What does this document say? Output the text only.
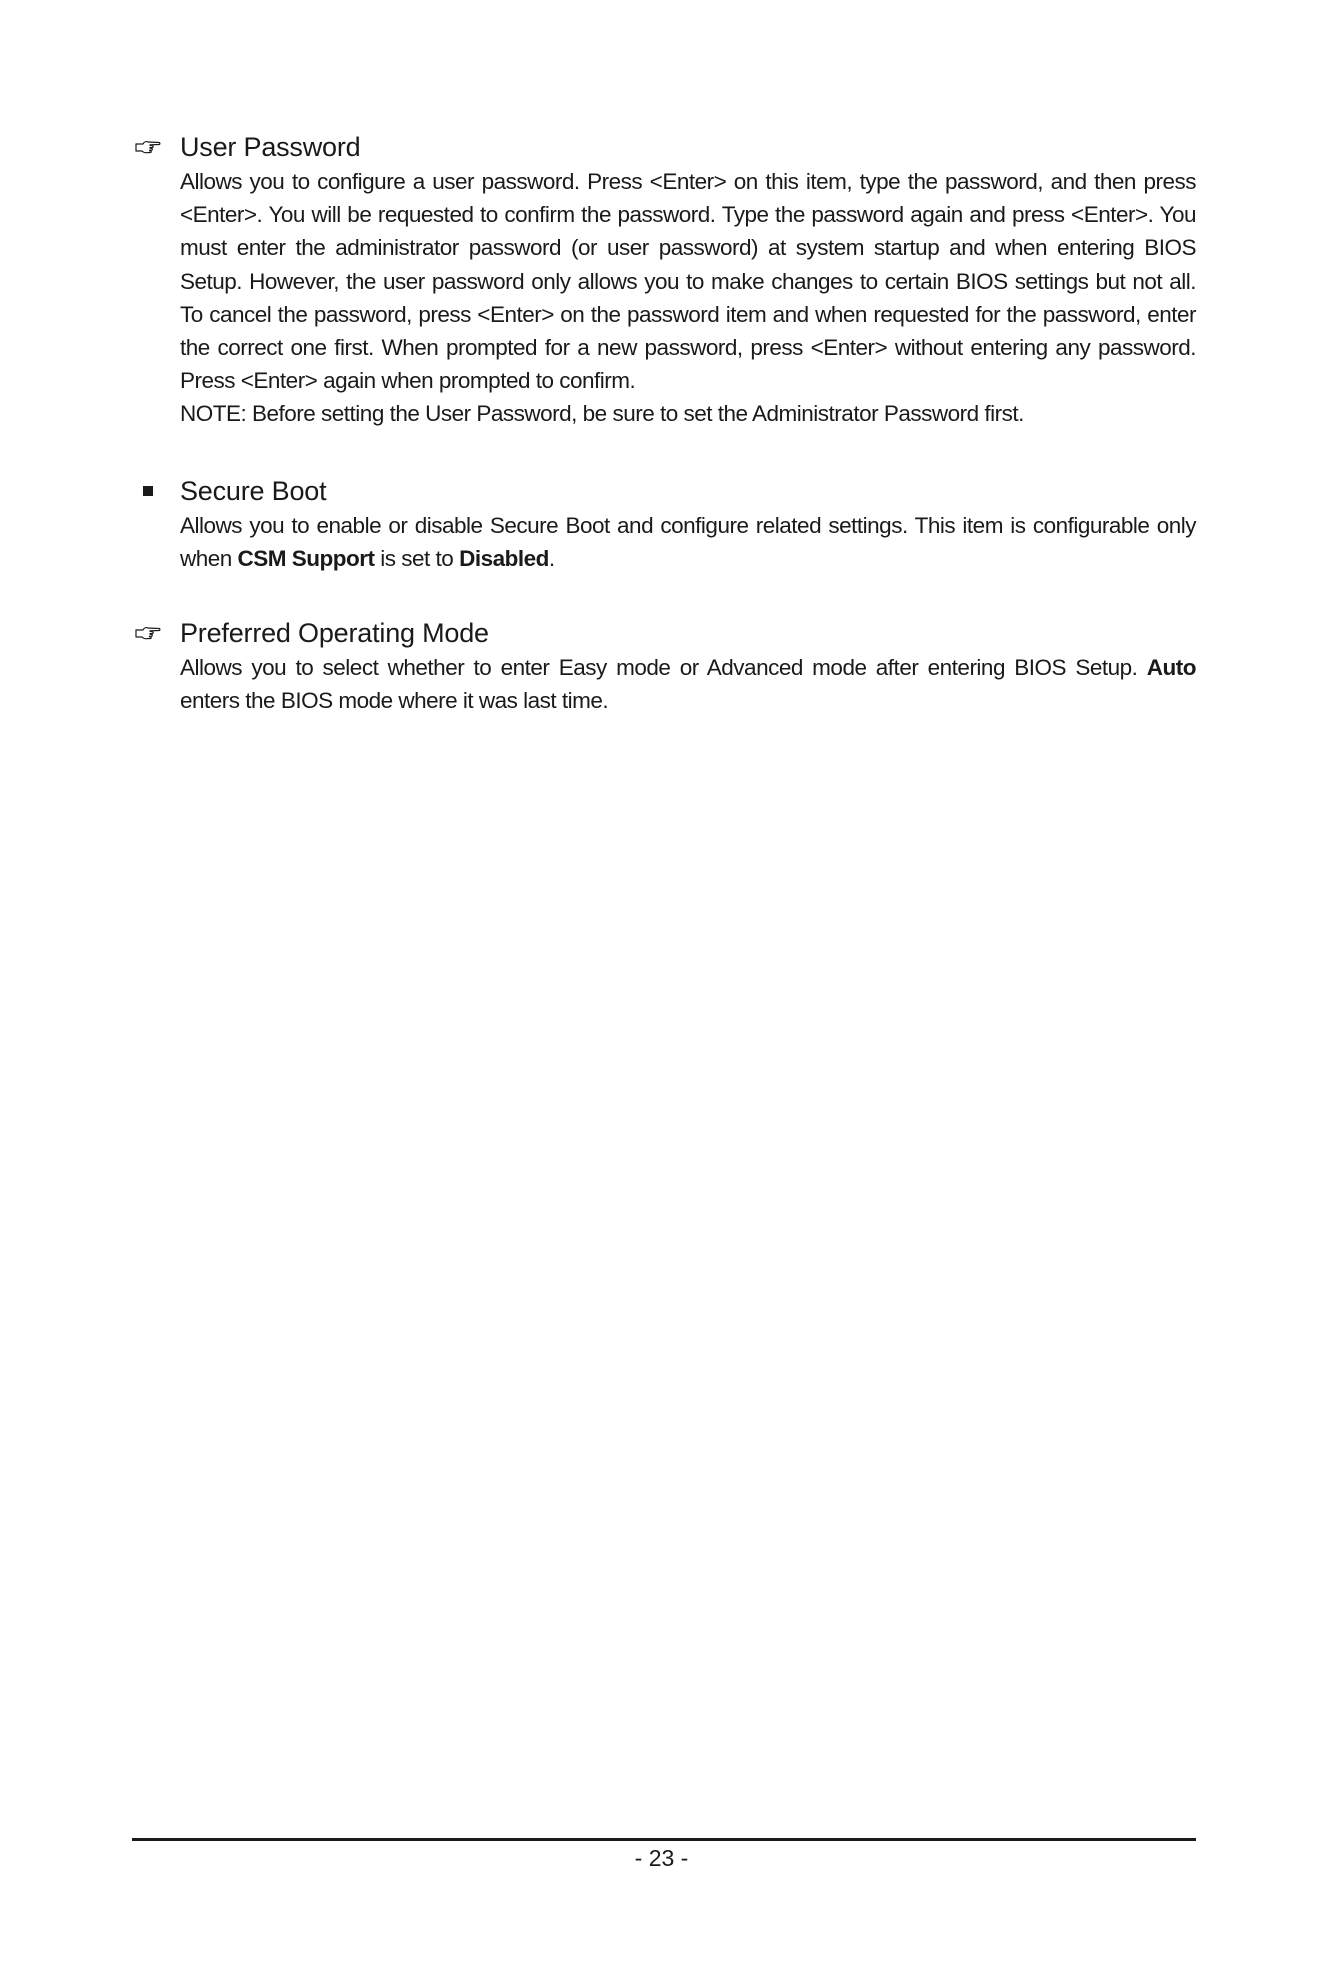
User Password

Allows you to configure a user password. Press <Enter> on this item, type the password, and then press <Enter>. You will be requested to confirm the password. Type the password again and press <Enter>. You must enter the administrator password (or user password) at system startup and when entering BIOS Setup. However, the user password only allows you to make changes to certain BIOS settings but not all. To cancel the password, press <Enter> on the password item and when requested for the password, enter the correct one first. When prompted for a new password, press <Enter> without entering any password. Press <Enter> again when prompted to confirm.

NOTE: Before setting the User Password, be sure to set the Administrator Password first.

Secure Boot

Allows you to enable or disable Secure Boot and configure related settings. This item is configurable only when CSM Support is set to Disabled.

Preferred Operating Mode

Allows you to select whether to enter Easy mode or Advanced mode after entering BIOS Setup. Auto enters the BIOS mode where it was last time.

- 23 -
